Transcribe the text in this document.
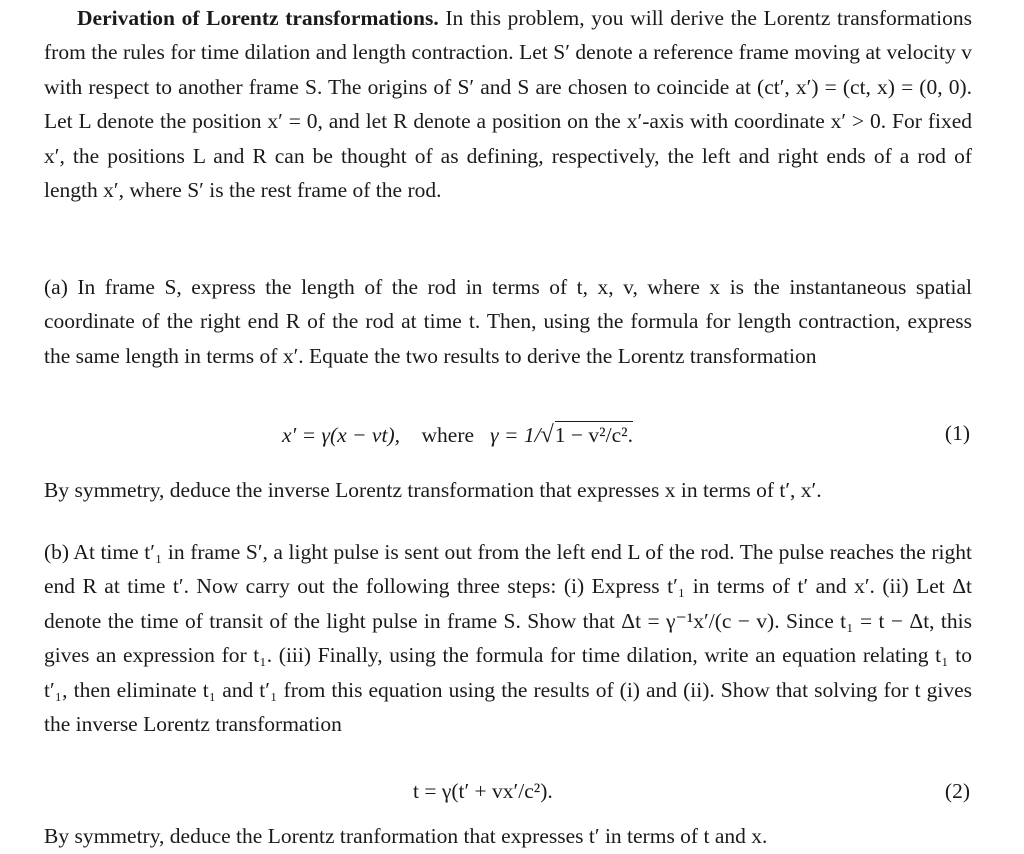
Derivation of Lorentz transformations. In this problem, you will derive the Lorentz transformations from the rules for time dilation and length contraction. Let S′ denote a reference frame moving at velocity v with respect to another frame S. The origins of S′ and S are chosen to coincide at (ct′, x′) = (ct, x) = (0, 0). Let L denote the position x′ = 0, and let R denote a position on the x′-axis with coordinate x′ > 0. For fixed x′, the positions L and R can be thought of as defining, respectively, the left and right ends of a rod of length x′, where S′ is the rest frame of the rod.

(a) In frame S, express the length of the rod in terms of t, x, v, where x is the instantaneous spatial coordinate of the right end R of the rod at time t. Then, using the formula for length contraction, express the same length in terms of x′. Equate the two results to derive the Lorentz transformation

x′ = γ(x − vt), where γ = 1/√1 − v²/c².	(1)

By symmetry, deduce the inverse Lorentz transformation that expresses x in terms of t′, x′.

(b) At time t′₁ in frame S′, a light pulse is sent out from the left end L of the rod. The pulse reaches the right end R at time t′. Now carry out the following three steps: (i) Express t′₁ in terms of t′ and x′. (ii) Let Δt denote the time of transit of the light pulse in frame S. Show that Δt = γ⁻¹x′/(c − v). Since t₁ = t − Δt, this gives an expression for t₁. (iii) Finally, using the formula for time dilation, write an equation relating t₁ to t′₁, then eliminate t₁ and t′₁ from this equation using the results of (i) and (ii). Show that solving for t gives the inverse Lorentz transformation

t = γ(t′ + vx′/c²).	(2)

By symmetry, deduce the Lorentz tranformation that expresses t′ in terms of t and x.
